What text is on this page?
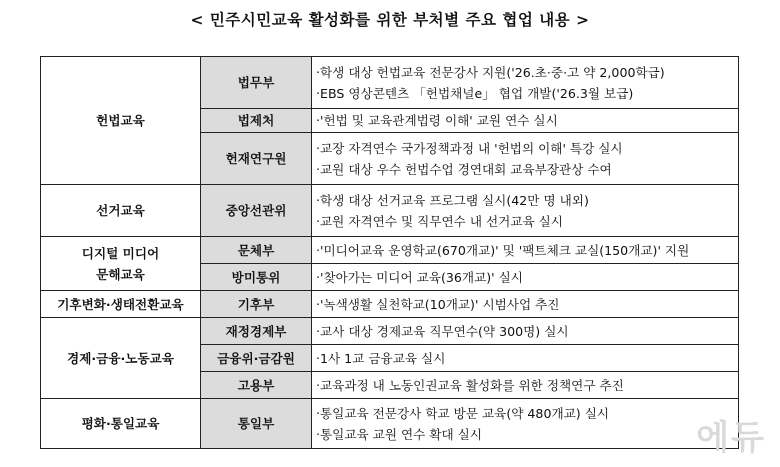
< 민주시민교육 활성화를 위한 부처별 주요 협업 내용 >
헌법교육	법무부	‧학생 대상 헌법교육 전문강사 지원('26.초·중·고 약 2,000학급)
‧EBS 영상콘텐츠 「헌법채널e」 협업 개발('26.3월 보급)

	법제처	‧'헌법 및 교육관계법령 이해' 교원 연수 실시

	헌재연구원	‧교장 자격연수 국가정책과정 내 '헌법의 이해' 특강 실시
‧교원 대상 우수 헌법수업 경연대회 교육부장관상 수여

선거교육	중앙선관위	‧학생 대상 선거교육 프로그램 실시(42만 명 내외)
‧교원 자격연수 및 직무연수 내 선거교육 실시

디지털 미디어
문해교육	문체부	‧'미디어교육 운영학교(670개교)' 및 '팩트체크 교실(150개교)' 지원

	방미통위	‧'찾아가는 미디어 교육(36개교)' 실시

기후변화·생태전환교육	기후부	‧'녹색생활 실천학교(10개교)' 시범사업 추진

경제·금융·노동교육	재정경제부	‧교사 대상 경제교육 직무연수(약 300명) 실시

	금융위·금감원	‧1사 1교 금융교육 실시

	고용부	‧교육과정 내 노동인권교육 활성화를 위한 정책연구 추진

평화·통일교육	통일부	‧통일교육 전문강사 학교 방문 교육(약 480개교) 실시
‧통일교육 교원 연수 확대 실시	에듀
